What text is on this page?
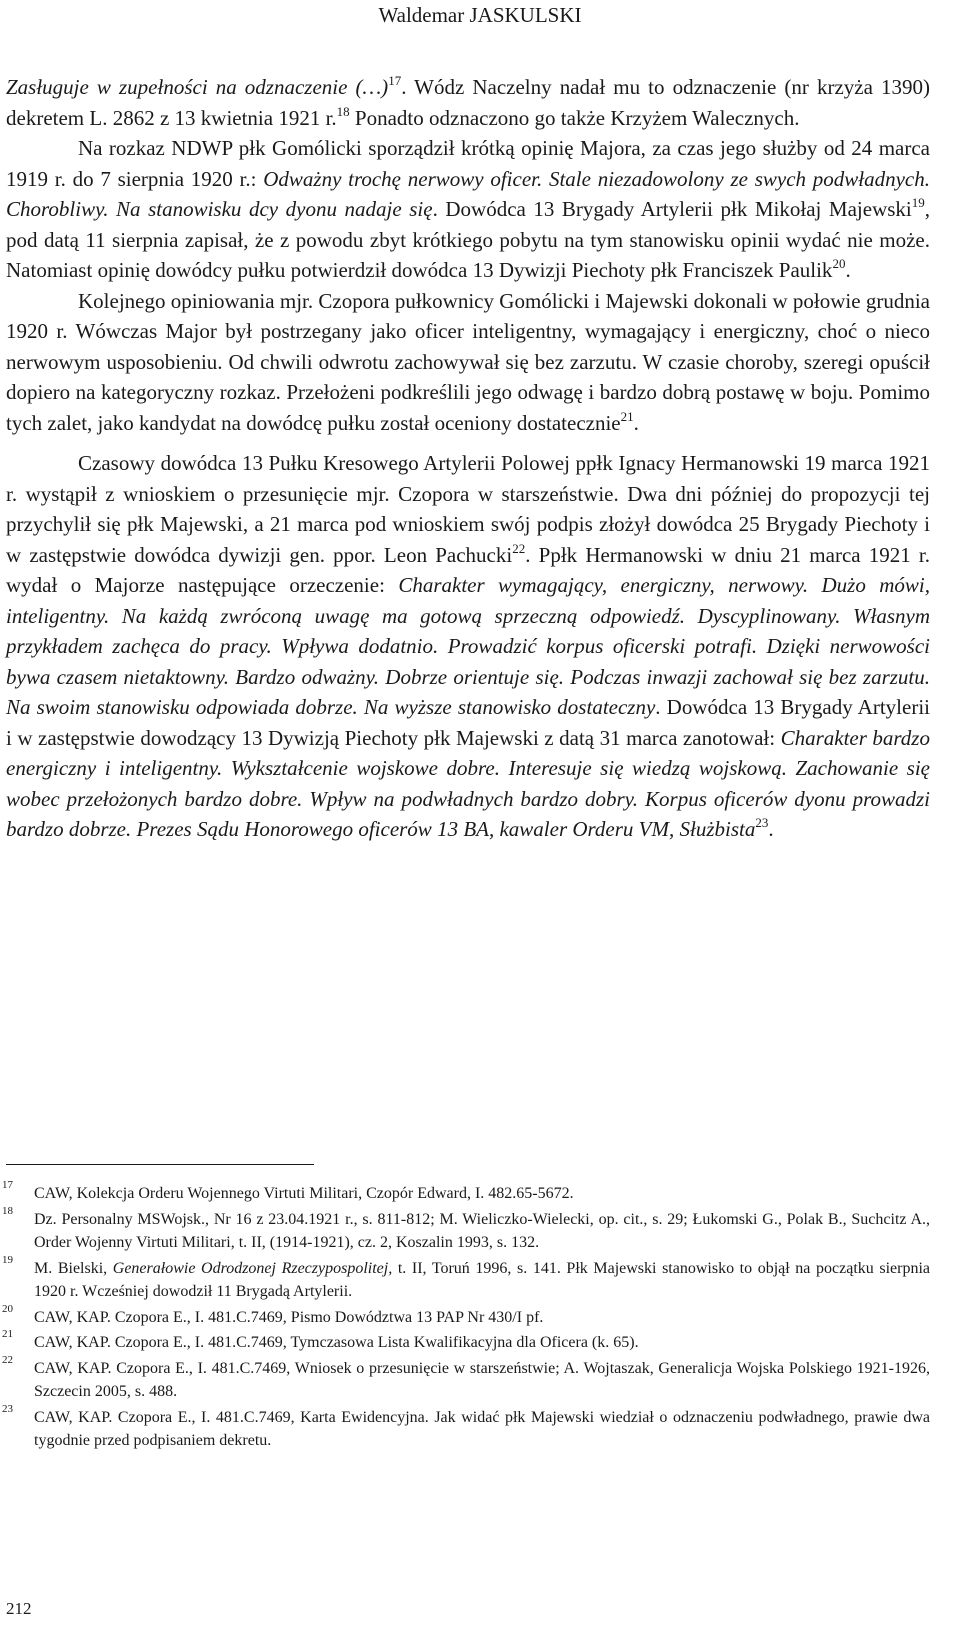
Waldemar JASKULSKI

Zasługuje w zupełności na odznaczenie (…)$^{17}$. Wódz Naczelny nadał mu to odznaczenie (nr krzyża 1390) dekretem L. 2862 z 13 kwietnia 1921 r.$^{18}$ Ponadto odznaczono go także Krzyżem Walecznych.

Na rozkaz NDWP płk Gomólicki sporządził krótką opinię Majora, za czas jego służby od 24 marca 1919 r. do 7 sierpnia 1920 r.: Odważny trochę nerwowy oficer. Stale niezadowolony ze swych podwładnych. Chorobliwy. Na stanowisku dcy dyonu nadaje się. Dowódca 13 Brygady Artylerii płk Mikołaj Majewski$^{19}$, pod datą 11 sierpnia zapisał, że z powodu zbyt krótkiego pobytu na tym stanowisku opinii wydać nie może. Natomiast opinię dowódcy pułku potwierdził dowódca 13 Dywizji Piechoty płk Franciszek Paulik$^{20}$.

Kolejnego opiniowania mjr. Czopora pułkownicy Gomólicki i Majewski dokonali w połowie grudnia 1920 r. Wówczas Major był postrzegany jako oficer inteligentny, wymagający i energiczny, choć o nieco nerwowym usposobieniu. Od chwili odwrotu zachowywał się bez zarzutu. W czasie choroby, szeregi opuścił dopiero na kategoryczny rozkaz. Przełożeni podkreślili jego odwagę i bardzo dobrą postawę w boju. Pomimo tych zalet, jako kandydat na dowódcę pułku został oceniony dostatecznie$^{21}$.

Czasowy dowódca 13 Pułku Kresowego Artylerii Polowej ppłk Ignacy Hermanowski 19 marca 1921 r. wystąpił z wnioskiem o przesunięcie mjr. Czopora w starszeństwie. Dwa dni później do propozycji tej przychylił się płk Majewski, a 21 marca pod wnioskiem swój podpis złożył dowódca 25 Brygady Piechoty i w zastępstwie dowódca dywizji gen. ppor. Leon Pachucki$^{22}$. Ppłk Hermanowski w dniu 21 marca 1921 r. wydał o Majorze następujące orzeczenie: Charakter wymagający, energiczny, nerwowy. Dużo mówi, inteligentny. Na każdą zwróconą uwagę ma gotową sprzeczną odpowiedź. Dyscyplinowany. Własnym przykładem zachęca do pracy. Wpływa dodatnio. Prowadzić korpus oficerski potrafi. Dzięki nerwowości bywa czasem nietaktowny. Bardzo odważny. Dobrze orientuje się. Podczas inwazji zachował się bez zarzutu. Na swoim stanowisku odpowiada dobrze. Na wyższe stanowisko dostateczny. Dowódca 13 Brygady Artylerii i w zastępstwie dowodzący 13 Dywizją Piechoty płk Majewski z datą 31 marca zanotował: Charakter bardzo energiczny i inteligentny. Wykształcenie wojskowe dobre. Interesuje się wiedzą wojskową. Zachowanie się wobec przełożonych bardzo dobre. Wpływ na podwładnych bardzo dobry. Korpus oficerów dyonu prowadzi bardzo dobrze. Prezes Sądu Honorowego oficerów 13 BA, kawaler Orderu VM, Służbista$^{23}$.

17	CAW, Kolekcja Orderu Wojennego Virtuti Militari, Czopór Edward, I. 482.65-5672.
18	Dz. Personalny MSWojsk., Nr 16 z 23.04.1921 r., s. 811-812; M. Wieliczko-Wielecki, op. cit., s. 29; Łukomski G., Polak B., Suchcitz A., Order Wojenny Virtuti Militari, t. II, (1914-1921), cz. 2, Koszalin 1993, s. 132.
19	M. Bielski, Generałowie Odrodzonej Rzeczypospolitej, t. II, Toruń 1996, s. 141. Płk Majewski stanowisko to objął na początku sierpnia 1920 r. Wcześniej dowodził 11 Brygadą Artylerii.
20	CAW, KAP. Czopora E., I. 481.C.7469, Pismo Dowództwa 13 PAP Nr 430/I pf.
21	CAW, KAP. Czopora E., I. 481.C.7469, Tymczasowa Lista Kwalifikacyjna dla Oficera (k. 65).
22	CAW, KAP. Czopora E., I. 481.C.7469, Wniosek o przesunięcie w starszeństwie; A. Wojtaszak, Generalicja Wojska Polskiego 1921-1926, Szczecin 2005, s. 488.
23	CAW, KAP. Czopora E., I. 481.C.7469, Karta Ewidencyjna. Jak widać płk Majewski wiedział o odznaczeniu podwładnego, prawie dwa tygodnie przed podpisaniem dekretu.
212
